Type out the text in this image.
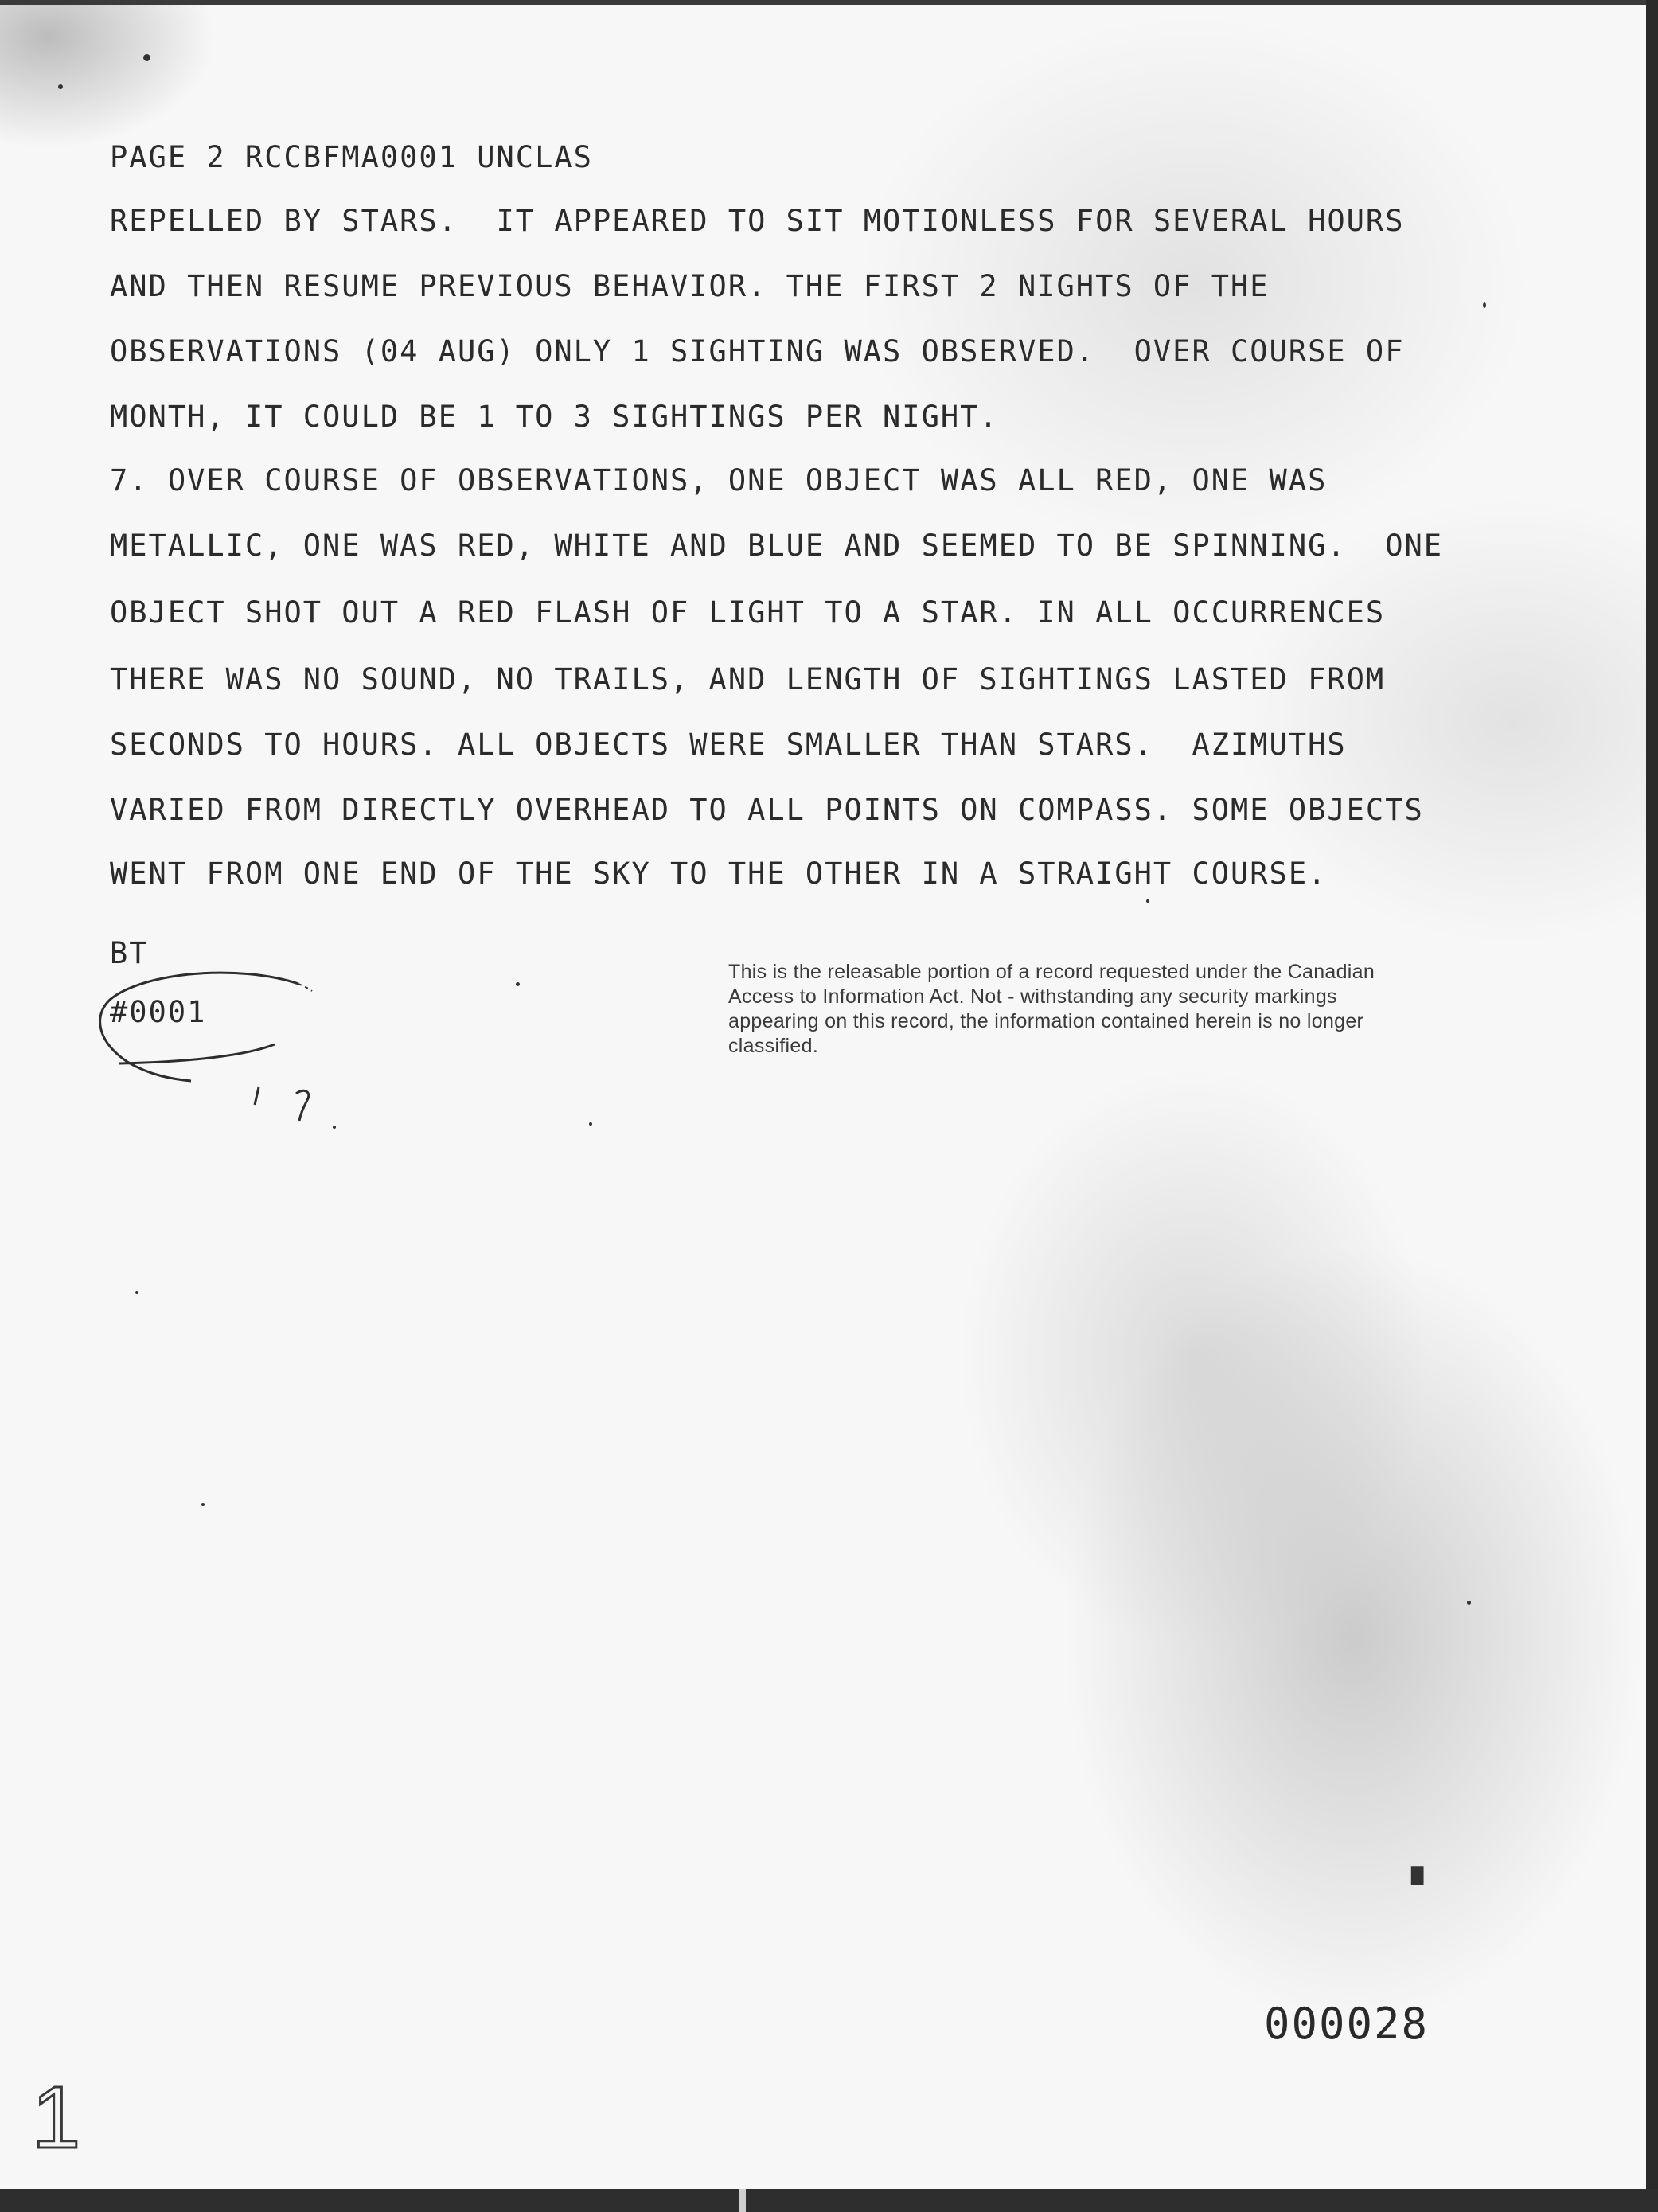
PAGE 2 RCCBFMA0001 UNCLAS
REPELLED BY STARS.  IT APPEARED TO SIT MOTIONLESS FOR SEVERAL HOURS
AND THEN RESUME PREVIOUS BEHAVIOR. THE FIRST 2 NIGHTS OF THE
OBSERVATIONS (04 AUG) ONLY 1 SIGHTING WAS OBSERVED.  OVER COURSE OF
MONTH, IT COULD BE 1 TO 3 SIGHTINGS PER NIGHT.
7. OVER COURSE OF OBSERVATIONS, ONE OBJECT WAS ALL RED, ONE WAS
METALLIC, ONE WAS RED, WHITE AND BLUE AND SEEMED TO BE SPINNING.  ONE
OBJECT SHOT OUT A RED FLASH OF LIGHT TO A STAR. IN ALL OCCURRENCES
THERE WAS NO SOUND, NO TRAILS, AND LENGTH OF SIGHTINGS LASTED FROM
SECONDS TO HOURS. ALL OBJECTS WERE SMALLER THAN STARS.  AZIMUTHS
VARIED FROM DIRECTLY OVERHEAD TO ALL POINTS ON COMPASS. SOME OBJECTS
WENT FROM ONE END OF THE SKY TO THE OTHER IN A STRAIGHT COURSE.
BT
#0001
This is the releasable portion of a record requested under the Canadian Access to Information Act. Not - withstanding any security markings appearing on this record, the information contained herein is no longer classified.
000028
█
1
